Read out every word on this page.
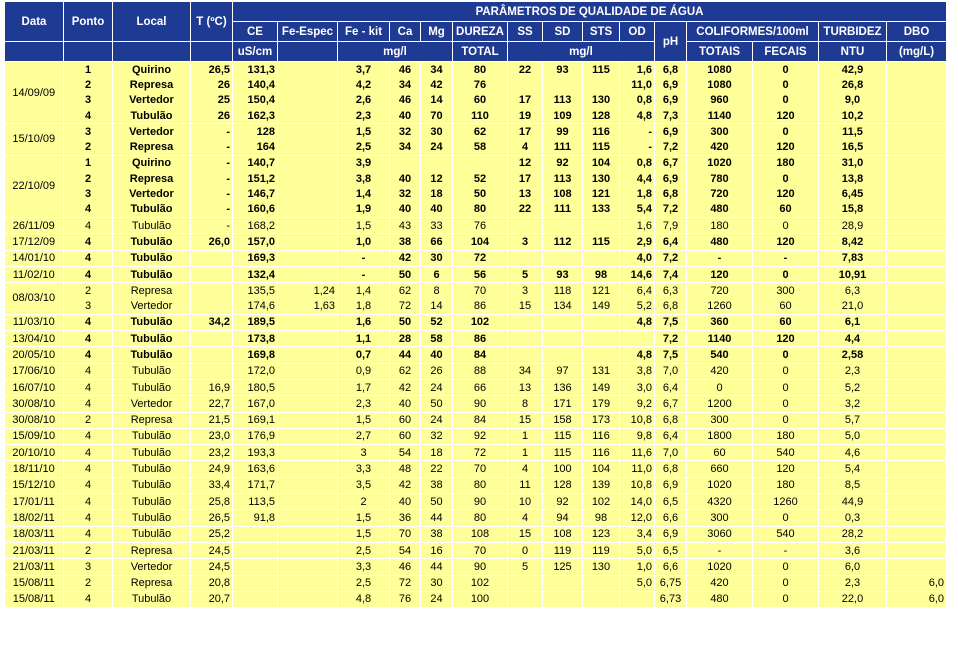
Data	Ponto	Local	T (ºC)	PARÂMETROS DE QUALIDADE DE ÁGUA														
				CE	Fe-Espec	Fe - kit	Ca	Mg	DUREZA	SS	SD	STS	OD	pH	COLIFORMES/100ml		TURBIDEZ	DBO
				uS/cm		mg/l			TOTAL	mg/l					TOTAIS	FECAIS	NTU	(mg/L)
14/09/09	1	Quirino	26,5	131,3		3,7	46	34	80	22	93	115	1,6	6,8	1080	0	42,9	
	2	Represa	26	140,4		4,2	34	42	76				11,0	6,9	1080	0	26,8	
	3	Vertedor	25	150,4		2,6	46	14	60	17	113	130	0,8	6,9	960	0	9,0	
	4	Tubulão	26	162,3		2,3	40	70	110	19	109	128	4,8	7,3	1140	120	10,2	
15/10/09	3	Vertedor	-	128		1,5	32	30	62	17	99	116	-	6,9	300	0	11,5	
	2	Represa	-	164		2,5	34	24	58	4	111	115	-	7,2	420	120	16,5	
22/10/09	1	Quirino	-	140,7		3,9				12	92	104	0,8	6,7	1020	180	31,0	
	2	Represa	-	151,2		3,8	40	12	52	17	113	130	4,4	6,9	780	0	13,8	
	3	Vertedor	-	146,7		1,4	32	18	50	13	108	121	1,8	6,8	720	120	6,45	
	4	Tubulão	-	160,6		1,9	40	40	80	22	111	133	5,4	7,2	480	60	15,8	
26/11/09	4	Tubulão	-	168,2		1,5	43	33	76				1,6	7,9	180	0	28,9	
17/12/09	4	Tubulão	26,0	157,0		1,0	38	66	104	3	112	115	2,9	6,4	480	120	8,42	
14/01/10	4	Tubulão		169,3		-	42	30	72				4,0	7,2	-	-	7,83	
11/02/10	4	Tubulão		132,4		-	50	6	56	5	93	98	14,6	7,4	120	0	10,91	
08/03/10	2	Represa		135,5	1,24	1,4	62	8	70	3	118	121	6,4	6,3	720	300	6,3	
	3	Vertedor		174,6	1,63	1,8	72	14	86	15	134	149	5,2	6,8	1260	60	21,0	
11/03/10	4	Tubulão	34,2	189,5		1,6	50	52	102				4,8	7,5	360	60	6,1	
13/04/10	4	Tubulão		173,8		1,1	28	58	86					7,2	1140	120	4,4	
20/05/10	4	Tubulão		169,8		0,7	44	40	84				4,8	7,5	540	0	2,58	
17/06/10	4	Tubulão		172,0		0,9	62	26	88	34	97	131	3,8	7,0	420	0	2,3	
16/07/10	4	Tubulão	16,9	180,5		1,7	42	24	66	13	136	149	3,0	6,4	0	0	5,2	
30/08/10	4	Vertedor	22,7	167,0		2,3	40	50	90	8	171	179	9,2	6,7	1200	0	3,2	
30/08/10	2	Represa	21,5	169,1		1,5	60	24	84	15	158	173	10,8	6,8	300	0	5,7	
15/09/10	4	Tubulão	23,0	176,9		2,7	60	32	92	1	115	116	9,8	6,4	1800	180	5,0	
20/10/10	4	Tubulão	23,2	193,3		3	54	18	72	1	115	116	11,6	7,0	60	540	4,6	
18/11/10	4	Tubulão	24,9	163,6		3,3	48	22	70	4	100	104	11,0	6,8	660	120	5,4	
15/12/10	4	Tubulão	33,4	171,7		3,5	42	38	80	11	128	139	10,8	6,9	1020	180	8,5	
17/01/11	4	Tubulão	25,8	113,5		2	40	50	90	10	92	102	14,0	6,5	4320	1260	44,9	
18/02/11	4	Tubulão	26,5	91,8		1,5	36	44	80	4	94	98	12,0	6,6	300	0	0,3	
18/03/11	4	Tubulão	25,2			1,5	70	38	108	15	108	123	3,4	6,9	3060	540	28,2	
21/03/11	2	Represa	24,5			2,5	54	16	70	0	119	119	5,0	6,5	-	-	3,6	
21/03/11	3	Vertedor	24,5			3,3	46	44	90	5	125	130	1,0	6,6	1020	0	6,0	
15/08/11	2	Represa	20,8			2,5	72	30	102				5,0	6,75	420	0	2,3	6,0
15/08/11	4	Tubulão	20,7			4,8	76	24	100					6,73	480	0	22,0	6,0
